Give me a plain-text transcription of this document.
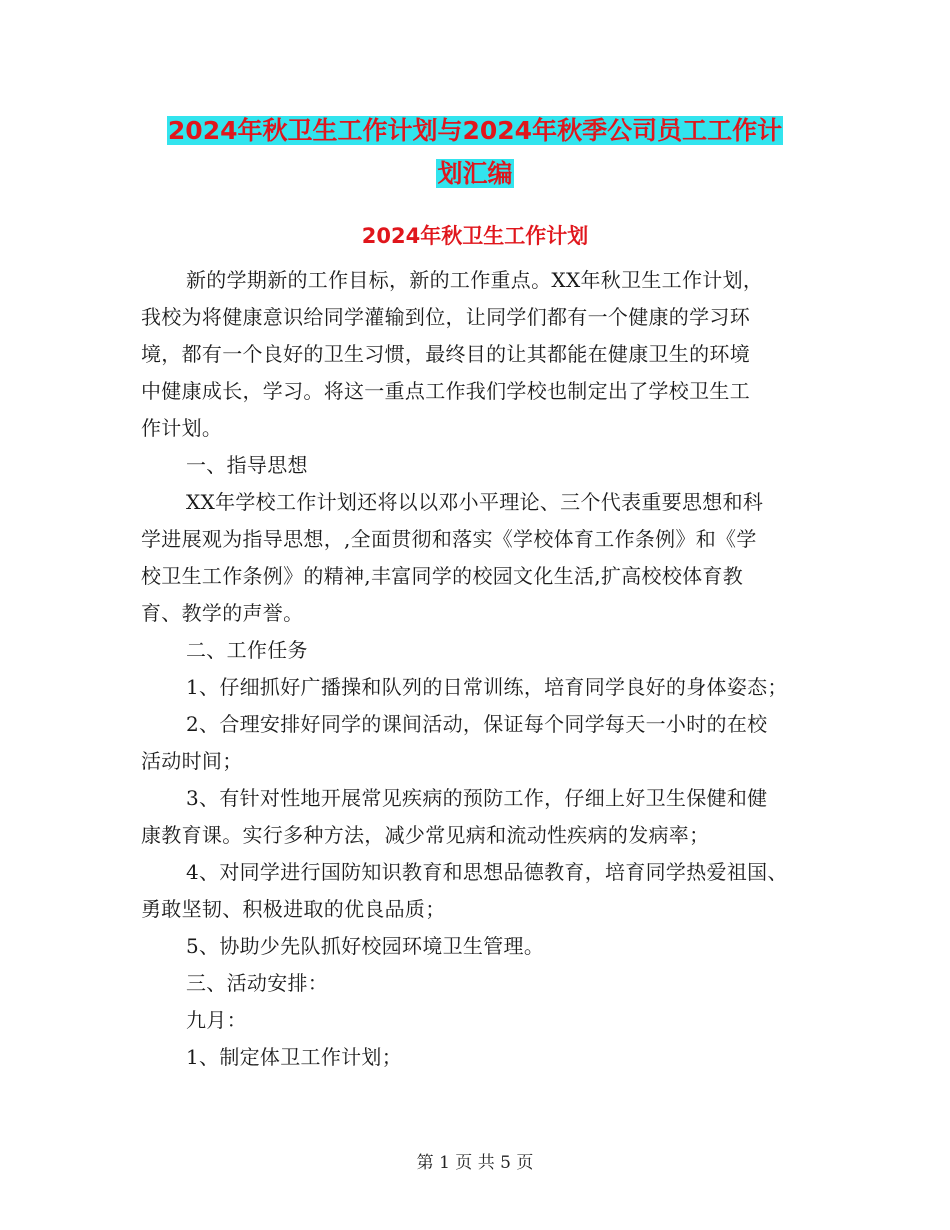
2024年秋卫生工作计划与2024年秋季公司员工工作计
划汇编
2024年秋卫生工作计划

新的学期新的工作目标，新的工作重点。XX年秋卫生工作计划，
我校为将健康意识给同学灌输到位，让同学们都有一个健康的学习环
境，都有一个良好的卫生习惯，最终目的让其都能在健康卫生的环境
中健康成长，学习。将这一重点工作我们学校也制定出了学校卫生工
作计划。

一、指导思想

XX年学校工作计划还将以以邓小平理论、三个代表重要思想和科
学进展观为指导思想，,全面贯彻和落实《学校体育工作条例》和《学
校卫生工作条例》的精神,丰富同学的校园文化生活,扩高校校体育教
育、教学的声誉。

二、工作任务

1、仔细抓好广播操和队列的日常训练，培育同学良好的身体姿态；

2、合理安排好同学的课间活动，保证每个同学每天一小时的在校
活动时间；

3、有针对性地开展常见疾病的预防工作，仔细上好卫生保健和健
康教育课。实行多种方法，减少常见病和流动性疾病的发病率；

4、对同学进行国防知识教育和思想品德教育，培育同学热爱祖国、
勇敢坚韧、积极进取的优良品质；

5、协助少先队抓好校园环境卫生管理。

三、活动安排：

九月：

1、制定体卫工作计划；

第 1 页 共 5 页
